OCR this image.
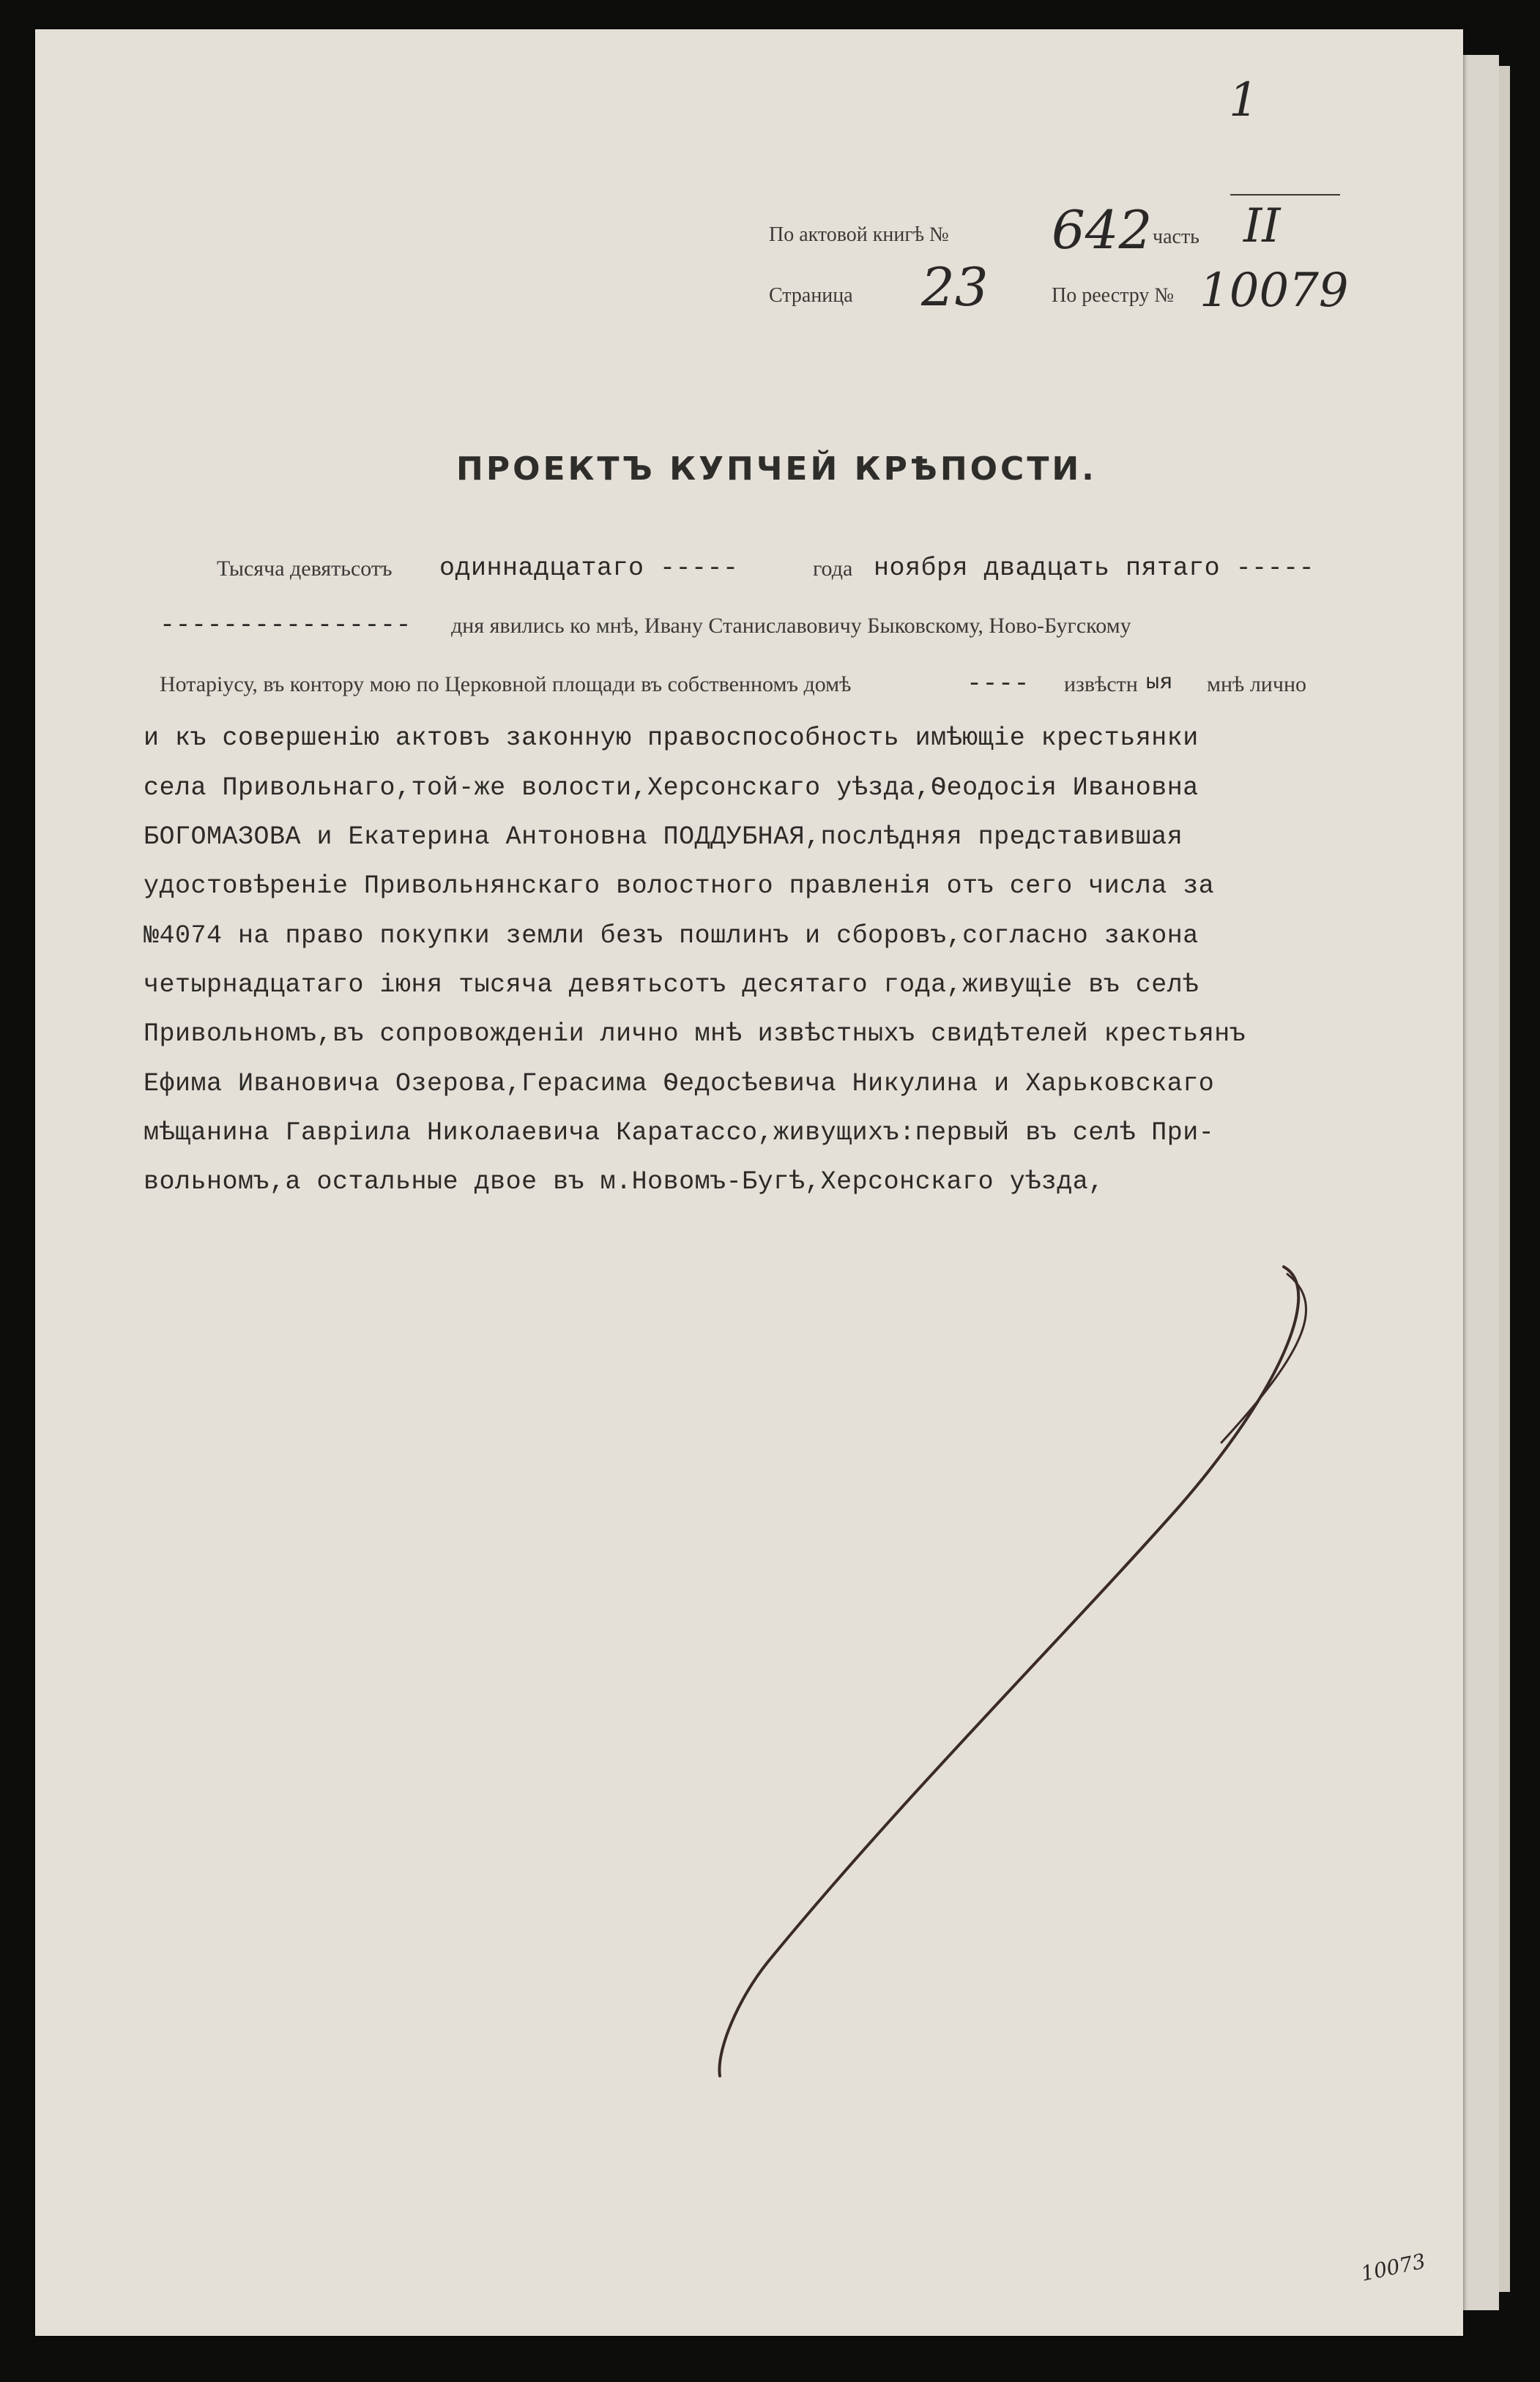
По актовой книгѣ № 642 часть II
Страница 23	По реестру № 10079
1
ПРОЕКТЪ КУПЧЕЙ КРѢПОСТИ.
Тысяча девятьсотъ одиннадцатаго -----	года ноября двадцать пятаго -----
---------------- дня явились ко мнѣ, Ивану Станиславовичу Быковскому, Ново-Бугскому
Нотаріусу, въ контору мою по Церковной площади въ собственномъ домѣ	---- извѣстн ыя мнѣ лично
и къ совершенію актовъ законную правоспособность имѣющіе крестьянки
села Привольнаго,той-же волости,Херсонскаго уѣзда,Ѳеодосія Ивановна
БОГОМАЗОВА и Екатерина Антоновна ПОДДУБНАЯ,послѣдняя представившая
удостовѣреніе Привольнянскаго волостного правленія отъ сего числа за
№4074 на право покупки земли безъ пошлинъ и сборовъ,согласно закона
четырнадцатаго іюня тысяча девятьсотъ десятаго года,живущіе въ селѣ
Привольномъ,въ сопровожденіи лично мнѣ извѣстныхъ свидѣтелей крестьянъ
Ефима Ивановича Озерова,Герасима Ѳедосѣевича Никулина и Харьковскаго
мѣщанина Гавріила Николаевича Каратассо,живущихъ:первый въ селѣ При-
вольномъ,а остальные двое въ м.Новомъ-Бугѣ,Херсонскаго уѣзда,
10073
